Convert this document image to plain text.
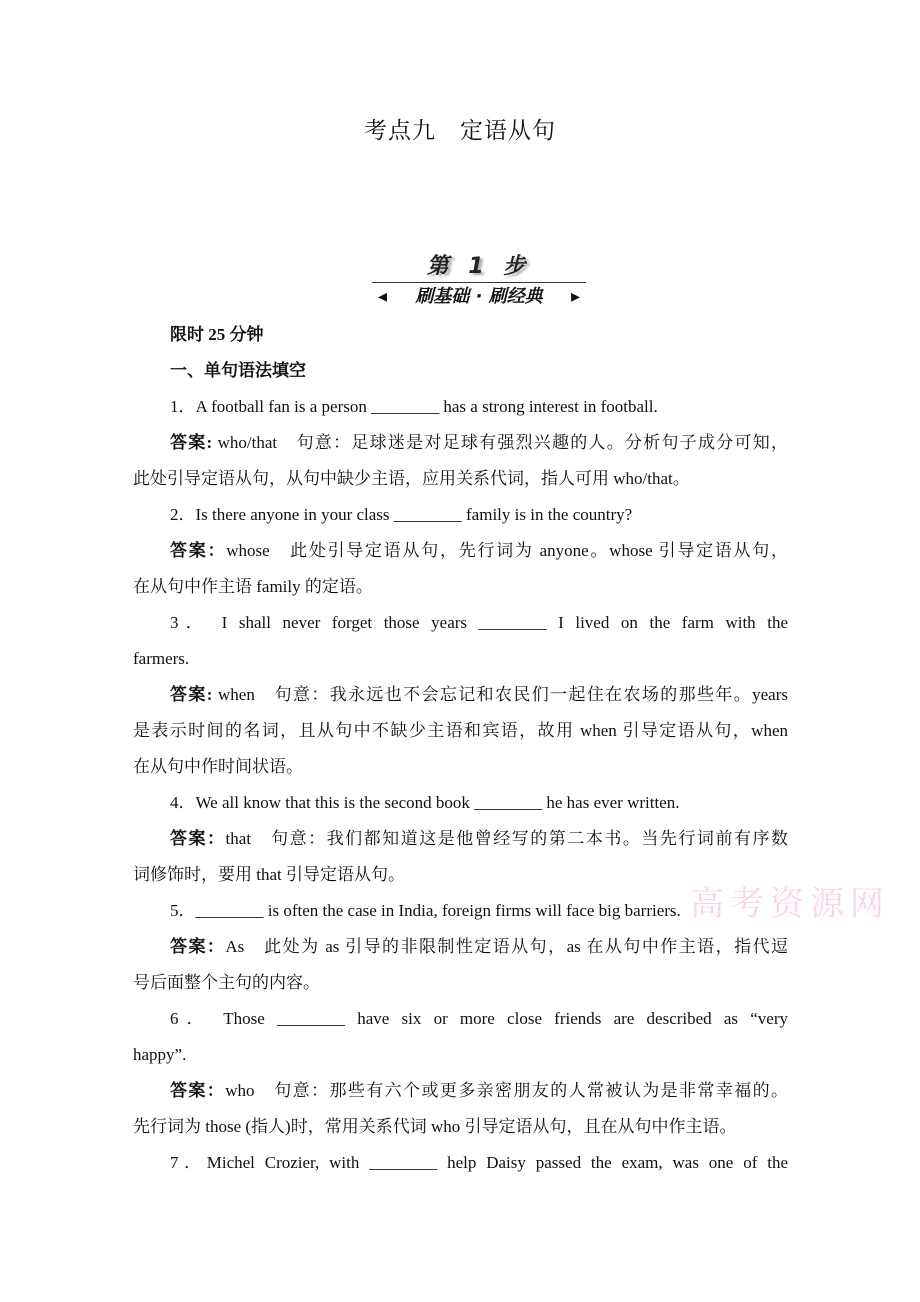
考点九　定语从句
第 1 步
◂ 刷基础 · 刷经典 ▸
限时 25 分钟
一、单句语法填空
1．A football fan is a person ________ has a strong interest in football.
答案: who/that　句意：足球迷是对足球有强烈兴趣的人。分析句子成分可知，
此处引导定语从句，从句中缺少主语，应用关系代词，指人可用 who/that。
2．Is there anyone in your class ________ family is in the country?
答案：whose　此处引导定语从句，先行词为 anyone。whose 引导定语从句，
在从句中作主语 family 的定语。
3． I shall never forget those years ________ I lived on the farm with the
farmers.
答案: when　句意：我永远也不会忘记和农民们一起住在农场的那些年。years
是表示时间的名词，且从句中不缺少主语和宾语，故用 when 引导定语从句，when
在从句中作时间状语。
4．We all know that this is the second book ________ he has ever written.
答案：that　句意：我们都知道这是他曾经写的第二本书。当先行词前有序数
词修饰时，要用 that 引导定语从句。
5．________ is often the case in India, foreign firms will face big barriers.
答案：As　此处为 as 引导的非限制性定语从句，as 在从句中作主语，指代逗
号后面整个主句的内容。
6． Those ________ have six or more close friends are described as “very
happy”.
答案：who　句意：那些有六个或更多亲密朋友的人常被认为是非常幸福的。
先行词为 those (指人)时，常用关系代词 who 引导定语从句，且在从句中作主语。
7．Michel Crozier, with ________ help Daisy passed the exam, was one of the
高考资源网
